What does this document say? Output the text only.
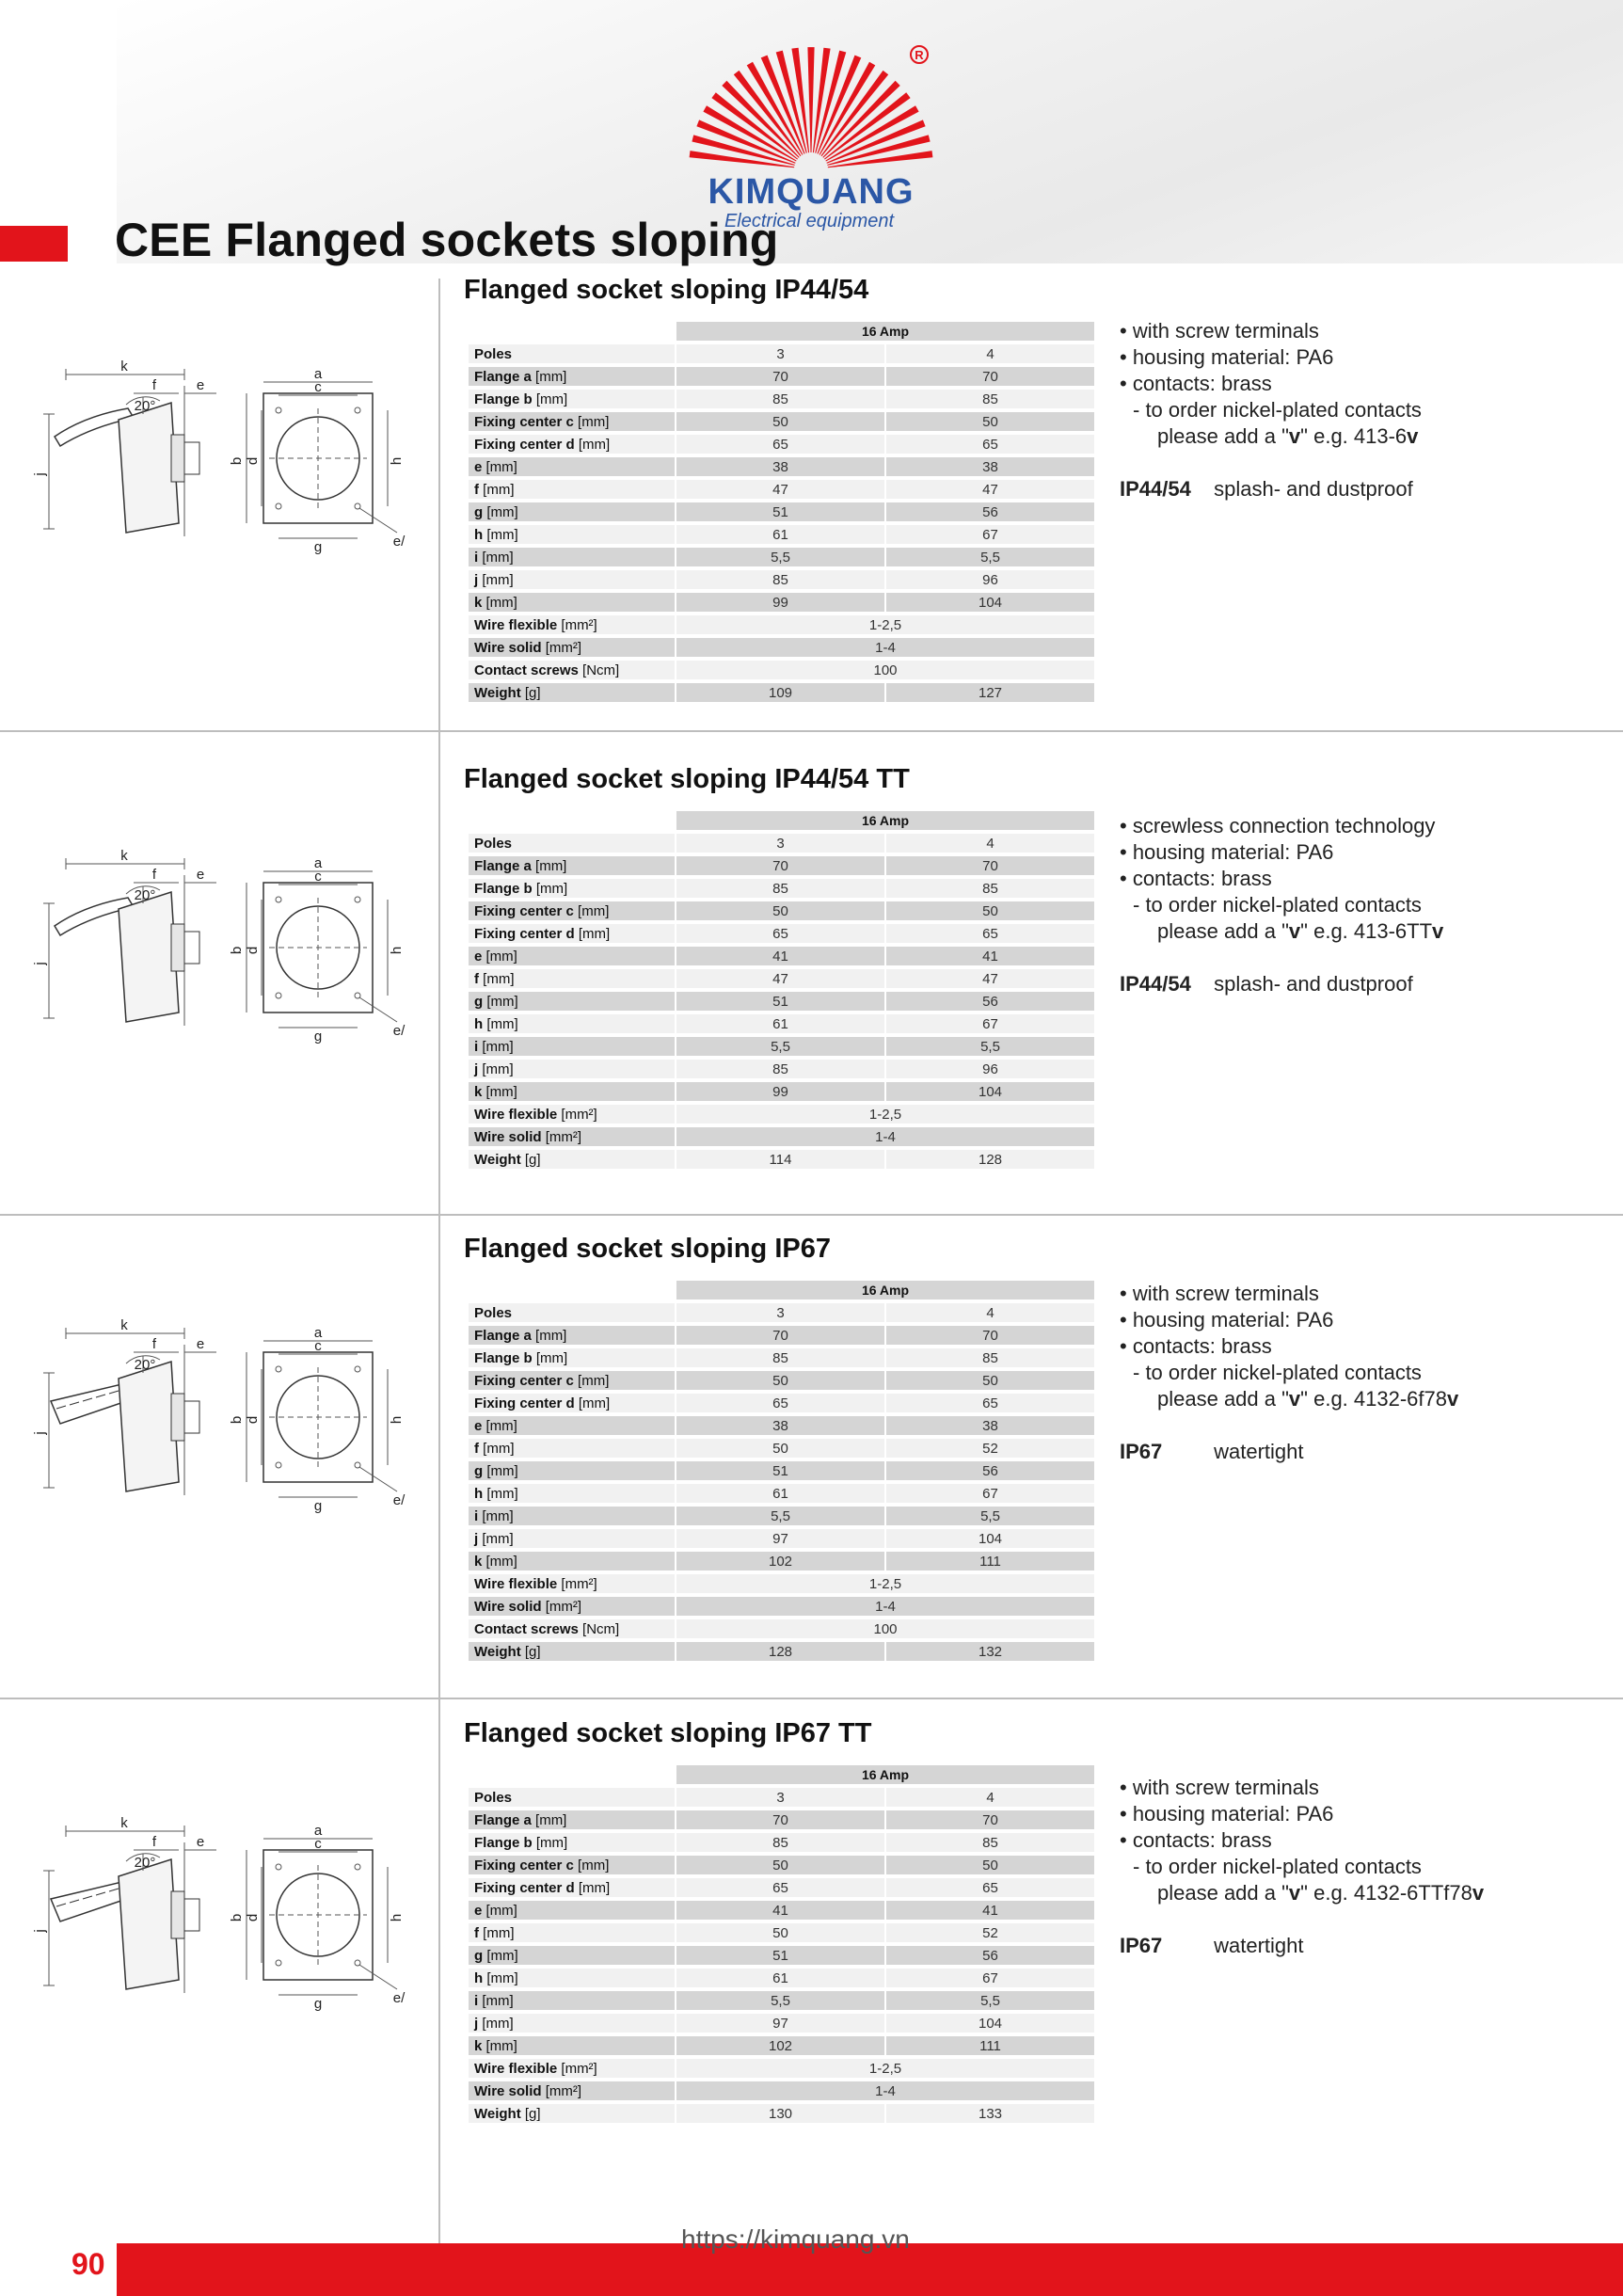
R
KIMQUANG
Electrical equipment
CEE Flanged sockets sloping
Flanged socket sloping IP44/54
k
f	e
20°
j
a
c
b d	h
g	e/
	16 Amp	
Poles	3	4
Flange a [mm]	70	70
Flange b [mm]	85	85
Fixing center c [mm]	50	50
Fixing center d [mm]	65	65
e [mm]	38	38
f [mm]	47	47
g [mm]	51	56
h [mm]	61	67
i [mm]	5,5	5,5
j [mm]	85	96
k [mm]	99	104
Wire flexible [mm²]	1-2,5	
Wire solid [mm²]	1-4	
Contact screws [Ncm]	100	
Weight [g]	109	127
• with screw terminals
• housing material: PA6
• contacts: brass
- to order nickel-plated contacts
please add a "v" e.g. 413-6v
IP44/54 splash- and dustproof
Flanged socket sloping IP44/54 TT
k
f	e
20°
j
a
c
b d	h
g	e/
	16 Amp	
Poles	3	4
Flange a [mm]	70	70
Flange b [mm]	85	85
Fixing center c [mm]	50	50
Fixing center d [mm]	65	65
e [mm]	41	41
f [mm]	47	47
g [mm]	51	56
h [mm]	61	67
i [mm]	5,5	5,5
j [mm]	85	96
k [mm]	99	104
Wire flexible [mm²]	1-2,5	
Wire solid [mm²]	1-4	
Weight [g]	114	128
• screwless connection technology
• housing material: PA6
• contacts: brass
- to order nickel-plated contacts
please add a "v" e.g. 413-6TTv
IP44/54 splash- and dustproof
Flanged socket sloping IP67
k
f	e
20°
j
a
c
b d	h
g	e/
	16 Amp	
Poles	3	4
Flange a [mm]	70	70
Flange b [mm]	85	85
Fixing center c [mm]	50	50
Fixing center d [mm]	65	65
e [mm]	38	38
f [mm]	50	52
g [mm]	51	56
h [mm]	61	67
i [mm]	5,5	5,5
j [mm]	97	104
k [mm]	102	111
Wire flexible [mm²]	1-2,5	
Wire solid [mm²]	1-4	
Contact screws [Ncm]	100	
Weight [g]	128	132
• with screw terminals
• housing material: PA6
• contacts: brass
- to order nickel-plated contacts
please add a "v" e.g. 4132-6f78v
IP67 watertight
Flanged socket sloping IP67 TT
k
f	e
20°
j
a
c
b d	h
g	e/
	16 Amp	
Poles	3	4
Flange a [mm]	70	70
Flange b [mm]	85	85
Fixing center c [mm]	50	50
Fixing center d [mm]	65	65
e [mm]	41	41
f [mm]	50	52
g [mm]	51	56
h [mm]	61	67
i [mm]	5,5	5,5
j [mm]	97	104
k [mm]	102	111
Wire flexible [mm²]	1-2,5	
Wire solid [mm²]	1-4	
Weight [g]	130	133
• with screw terminals
• housing material: PA6
• contacts: brass
- to order nickel-plated contacts
please add a "v" e.g. 4132-6TTf78v
IP67 watertight
90
https://kimquang.vn
